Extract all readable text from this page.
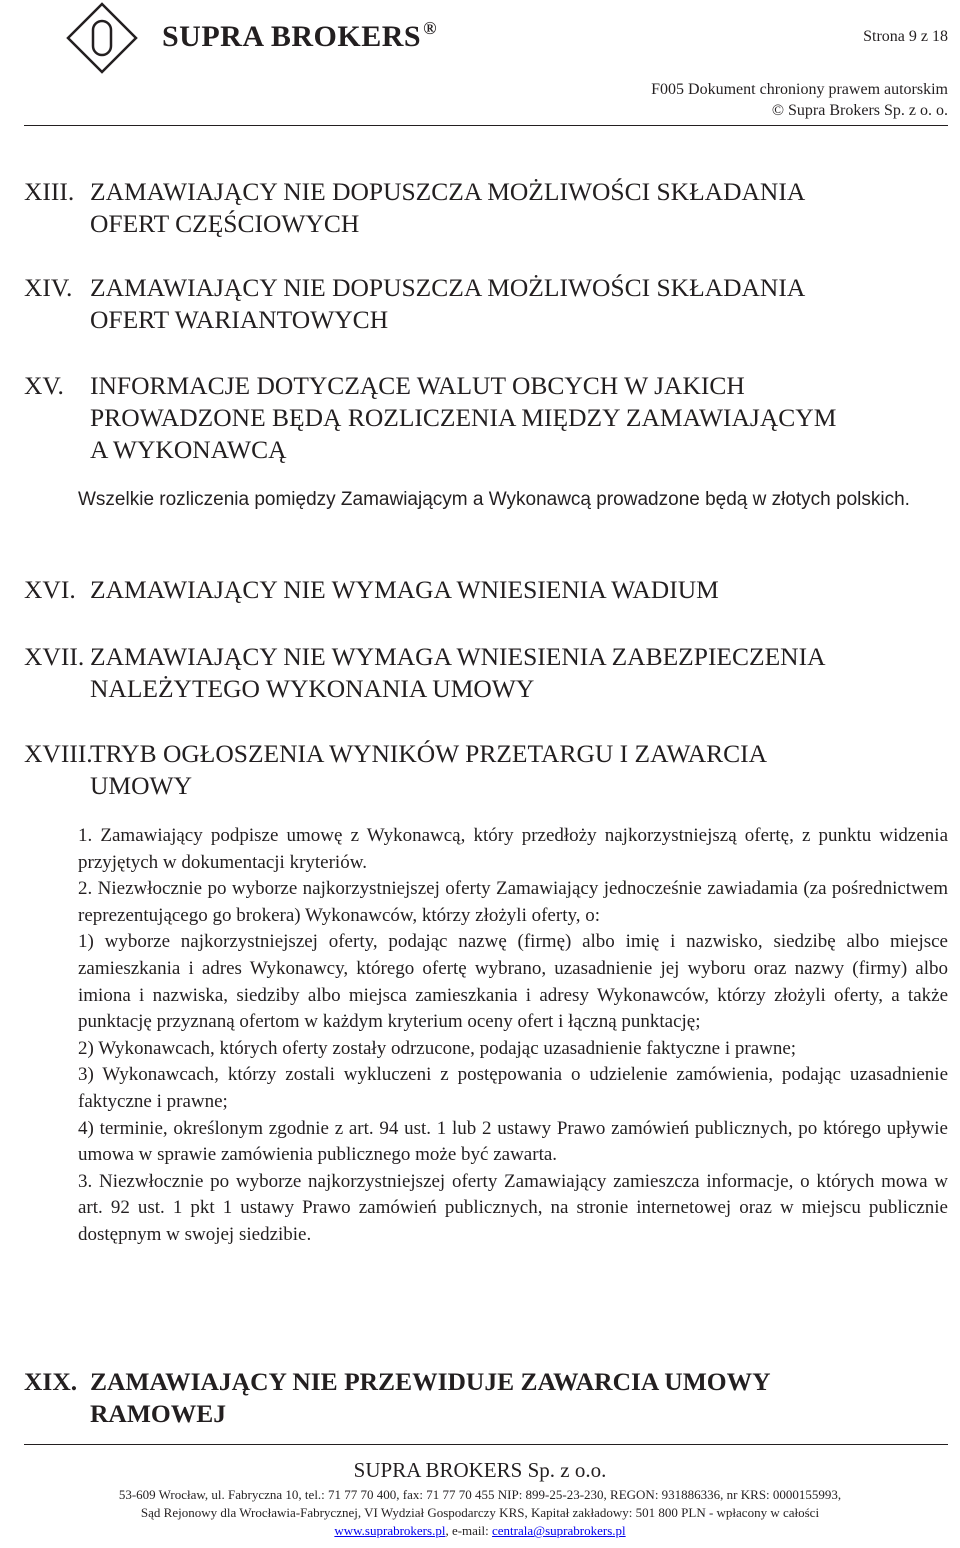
SUPRA BROKERS ®	Strona 9 z 18
F005 Dokument chroniony prawem autorskim
© Supra Brokers Sp. z o. o.
XIII. ZAMAWIAJĄCY NIE DOPUSZCZA MOŻLIWOŚCI SKŁADANIA
OFERT CZĘŚCIOWYCH
XIV. ZAMAWIAJĄCY NIE DOPUSZCZA MOŻLIWOŚCI SKŁADANIA
OFERT WARIANTOWYCH
XV. INFORMACJE DOTYCZĄCE WALUT OBCYCH W JAKICH
PROWADZONE BĘDĄ ROZLICZENIA MIĘDZY ZAMAWIAJĄCYM
A WYKONAWCĄ
Wszelkie rozliczenia pomiędzy Zamawiającym a Wykonawcą prowadzone będą w złotych polskich.
XVI. ZAMAWIAJĄCY NIE WYMAGA WNIESIENIA WADIUM
XVII. ZAMAWIAJĄCY NIE WYMAGA WNIESIENIA ZABEZPIECZENIA
NALEŻYTEGO WYKONANIA UMOWY
XVIII.
TRYB OGŁOSZENIA WYNIKÓW PRZETARGU I ZAWARCIA
UMOWY

1. Zamawiający podpisze umowę z Wykonawcą, który przedłoży najkorzystniejszą ofertę, z punktu widzenia przyjętych w dokumentacji kryteriów.

2. Niezwłocznie po wyborze najkorzystniejszej oferty Zamawiający jednocześnie zawiadamia (za pośrednictwem reprezentującego go brokera) Wykonawców, którzy złożyli oferty, o:

1) wyborze najkorzystniejszej oferty, podając nazwę (firmę) albo imię i nazwisko, siedzibę albo miejsce zamieszkania i adres Wykonawcy, którego ofertę wybrano, uzasadnienie jej wyboru oraz nazwy (firmy) albo imiona i nazwiska, siedziby albo miejsca zamieszkania i adresy Wykonawców, którzy złożyli oferty, a także punktację przyznaną ofertom w każdym kryterium oceny ofert i łączną punktację;

2) Wykonawcach, których oferty zostały odrzucone, podając uzasadnienie faktyczne i prawne;

3) Wykonawcach, którzy zostali wykluczeni z postępowania o udzielenie zamówienia, podając uzasadnienie faktyczne i prawne;

4) terminie, określonym zgodnie z art. 94 ust. 1 lub 2 ustawy Prawo zamówień publicznych, po którego upływie umowa w sprawie zamówienia publicznego może być zawarta.

3. Niezwłocznie po wyborze najkorzystniejszej oferty Zamawiający zamieszcza informacje, o których mowa w art. 92 ust. 1 pkt 1 ustawy Prawo zamówień publicznych, na stronie internetowej oraz w miejscu publicznie dostępnym w swojej siedzibie.

XIX. ZAMAWIAJĄCY NIE PRZEWIDUJE ZAWARCIA UMOWY
RAMOWEJ
SUPRA BROKERS Sp. z o.o.
53-609 Wrocław, ul. Fabryczna 10, tel.: 71 77 70 400, fax: 71 77 70 455 NIP: 899-25-23-230, REGON: 931886336, nr KRS: 0000155993,
Sąd Rejonowy dla Wrocławia-Fabrycznej, VI Wydział Gospodarczy KRS, Kapitał zakładowy: 501 800 PLN - wpłacony w całości
www.suprabrokers.pl, e-mail: centrala@suprabrokers.pl
